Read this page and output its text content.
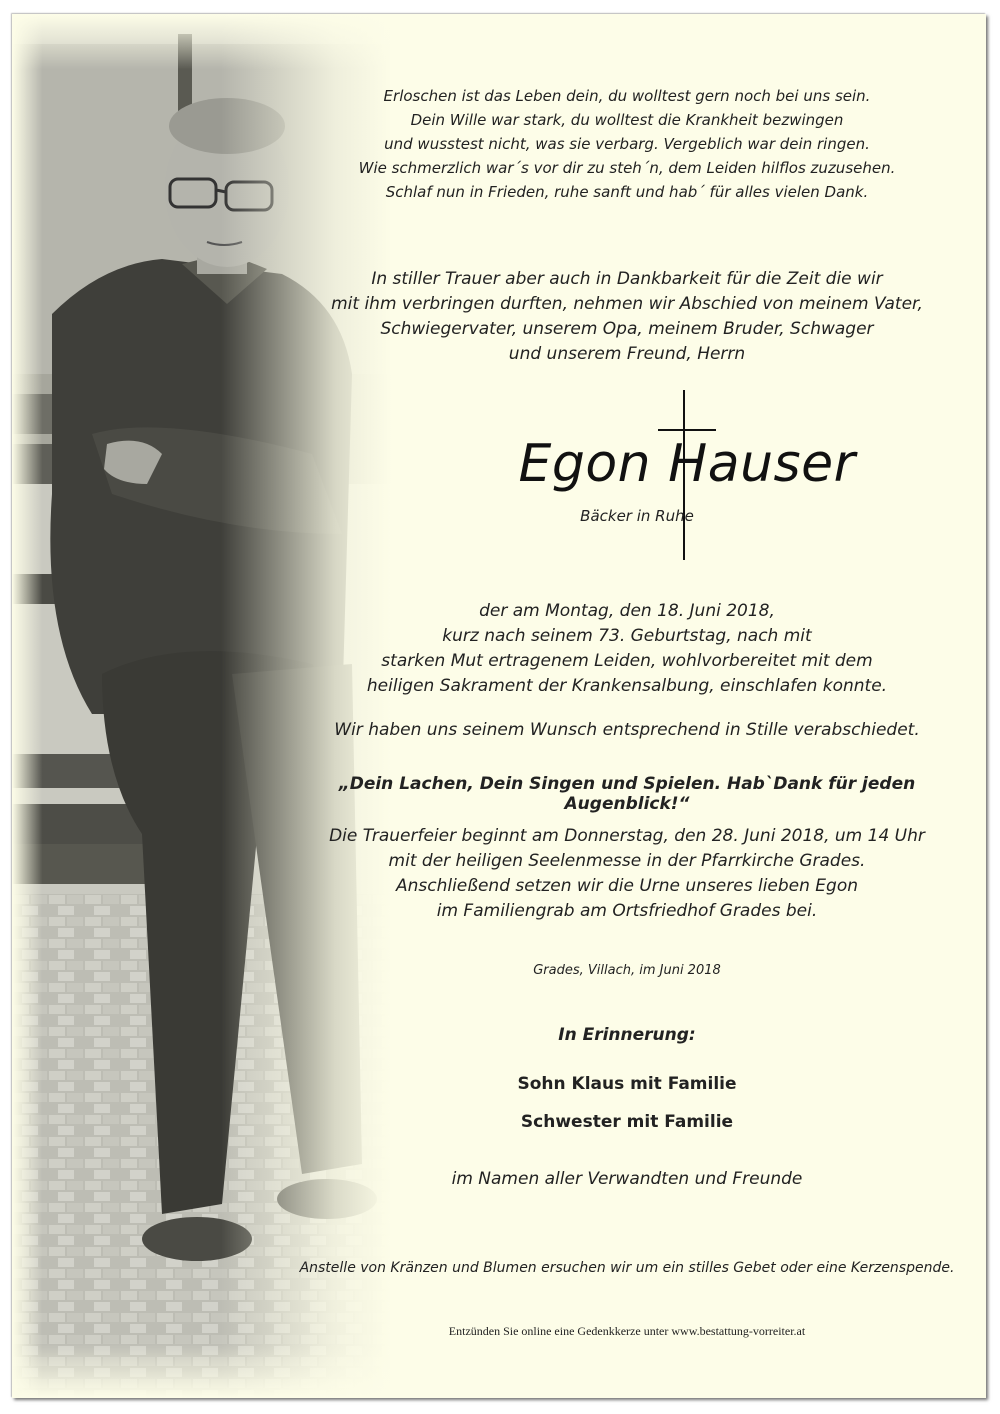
Erloschen ist das Leben dein, du wolltest gern noch bei uns sein.
Dein Wille war stark, du wolltest die Krankheit bezwingen
und wusstest nicht, was sie verbarg. Vergeblich war dein ringen.
Wie schmerzlich war´s vor dir zu steh´n, dem Leiden hilflos zuzusehen.
Schlaf nun in Frieden, ruhe sanft und hab´ für alles vielen Dank.
In stiller Trauer aber auch in Dankbarkeit für die Zeit die wir
mit ihm verbringen durften, nehmen wir Abschied von meinem Vater,
Schwiegervater, unserem Opa, meinem Bruder, Schwager
und unserem Freund, Herrn
Egon Hauser
Bäcker in Ruhe
der am Montag, den 18. Juni 2018,
kurz nach seinem 73. Geburtstag, nach mit
starken Mut ertragenem Leiden, wohlvorbereitet mit dem
heiligen Sakrament der Krankensalbung, einschlafen konnte.
Wir haben uns seinem Wunsch entsprechend in Stille verabschiedet.
„Dein Lachen, Dein Singen und Spielen. Hab`Dank für jeden Augenblick!“
Die Trauerfeier beginnt am Donnerstag, den 28. Juni 2018, um 14 Uhr
mit der heiligen Seelenmesse in der Pfarrkirche Grades.
Anschließend setzen wir die Urne unseres lieben Egon
im Familiengrab am Ortsfriedhof Grades bei.
Grades, Villach, im Juni 2018
In Erinnerung:
Sohn Klaus mit Familie
Schwester mit Familie
im Namen aller Verwandten und Freunde
Anstelle von Kränzen und Blumen ersuchen wir um ein stilles Gebet oder eine Kerzenspende.
Entzünden Sie online eine Gedenkkerze unter www.bestattung-vorreiter.at
